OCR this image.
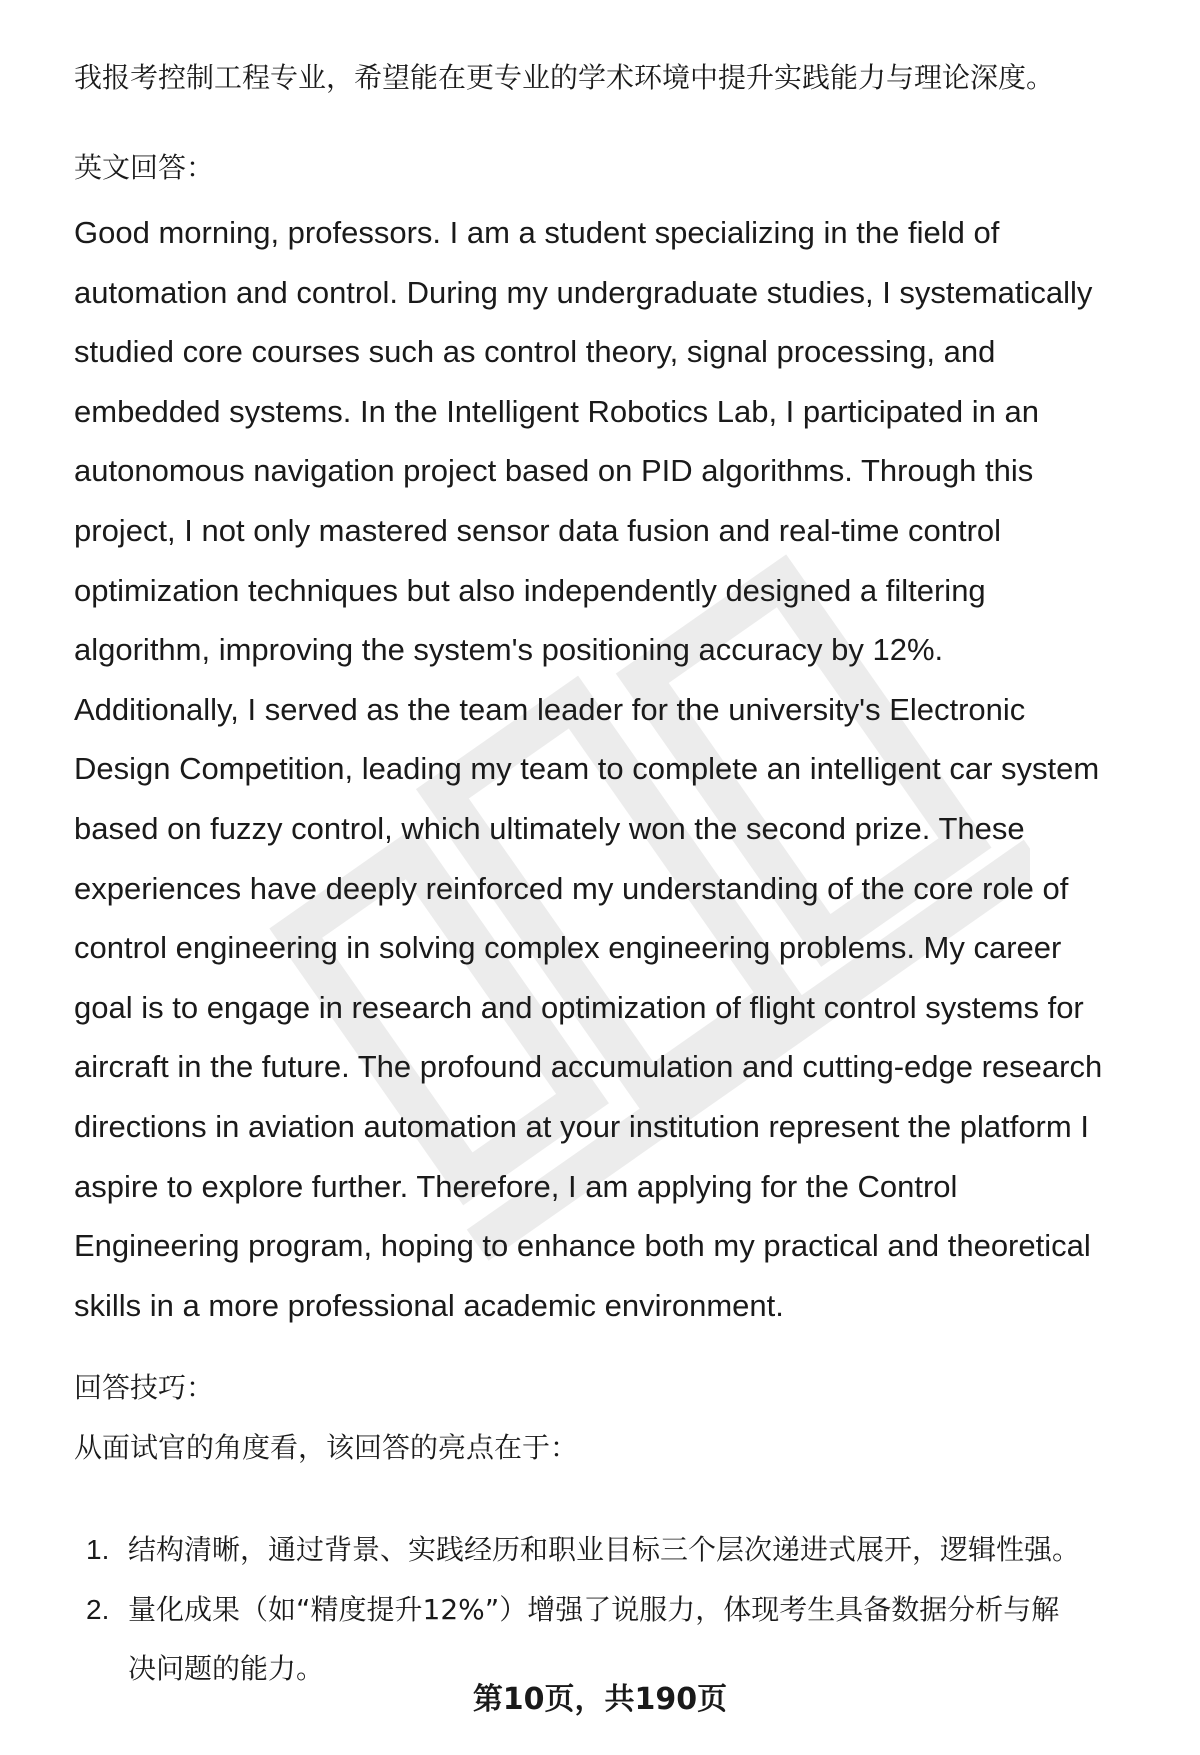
我报考控制工程专业，希望能在更专业的学术环境中提升实践能力与理论深度。
英文回答：
Good morning, professors. I am a student specializing in the field of
automation and control. During my undergraduate studies, I systematically
studied core courses such as control theory, signal processing, and
embedded systems. In the Intelligent Robotics Lab, I participated in an
autonomous navigation project based on PID algorithms. Through this
project, I not only mastered sensor data fusion and real-time control
optimization techniques but also independently designed a filtering
algorithm, improving the system's positioning accuracy by 12%.
Additionally, I served as the team leader for the university's Electronic
Design Competition, leading my team to complete an intelligent car system
based on fuzzy control, which ultimately won the second prize. These
experiences have deeply reinforced my understanding of the core role of
control engineering in solving complex engineering problems. My career
goal is to engage in research and optimization of flight control systems for
aircraft in the future. The profound accumulation and cutting-edge research
directions in aviation automation at your institution represent the platform I
aspire to explore further. Therefore, I am applying for the Control
Engineering program, hoping to enhance both my practical and theoretical
skills in a more professional academic environment.
回答技巧：
从面试官的角度看，该回答的亮点在于：
1. 结构清晰，通过背景、实践经历和职业目标三个层次递进式展开，逻辑性强。
2. 量化成果（如“精度提升12%”）增强了说服力，体现考生具备数据分析与解
决问题的能力。
第10页，共190页
